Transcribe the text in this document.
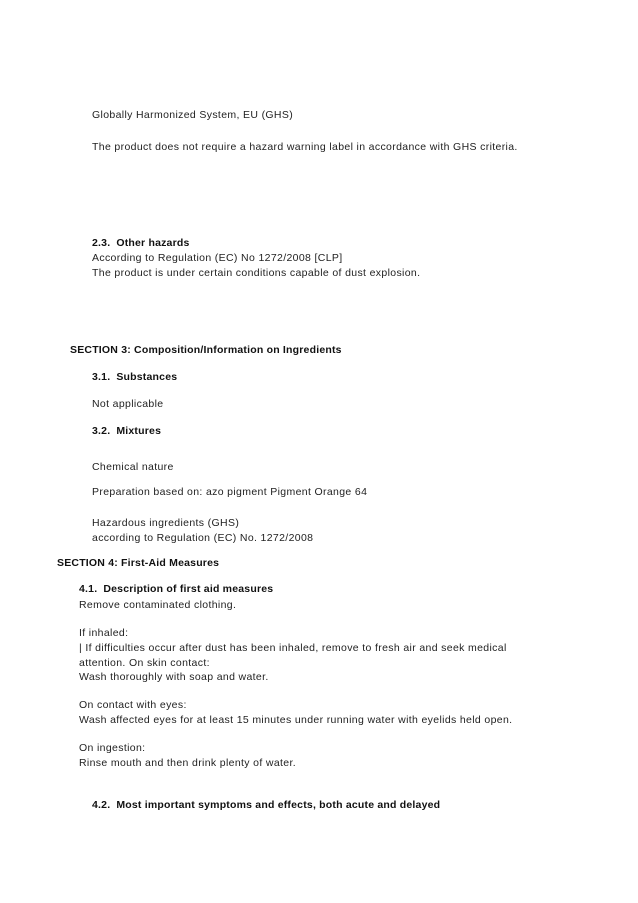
Globally Harmonized System, EU (GHS)
The product does not require a hazard warning label in accordance with GHS criteria.
2.3. Other hazards
According to Regulation (EC) No 1272/2008 [CLP]
The product is under certain conditions capable of dust explosion.
SECTION 3: Composition/Information on Ingredients
3.1. Substances
Not applicable
3.2. Mixtures
Chemical nature
Preparation based on: azo pigment Pigment Orange 64
Hazardous ingredients (GHS)
according to Regulation (EC) No. 1272/2008
SECTION 4: First-Aid Measures
4.1. Description of first aid measures
Remove contaminated clothing.
If inhaled:
| If difficulties occur after dust has been inhaled, remove to fresh air and seek medical
attention. On skin contact:
Wash thoroughly with soap and water.
On contact with eyes:
Wash affected eyes for at least 15 minutes under running water with eyelids held open.
On ingestion:
Rinse mouth and then drink plenty of water.
4.2. Most important symptoms and effects, both acute and delayed
